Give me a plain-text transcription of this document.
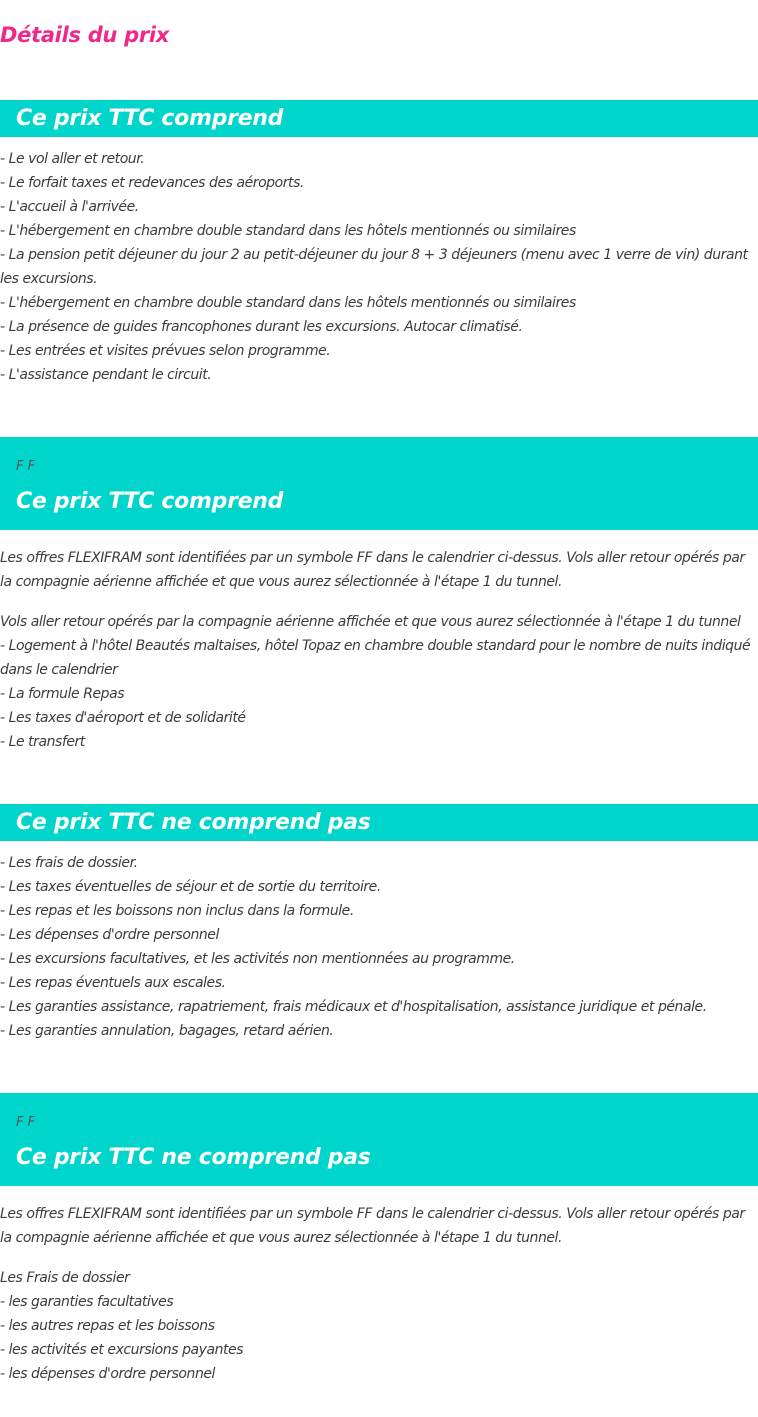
Détails du prix
Ce prix TTC comprend
- Le vol aller et retour.
- Le forfait taxes et redevances des aéroports.
- L'accueil à l'arrivée.
- L'hébergement en chambre double standard dans les hôtels mentionnés ou similaires
- La pension petit déjeuner du jour 2 au petit-déjeuner du jour 8 + 3 déjeuners (menu avec 1 verre de vin) durant les excursions.
- L'hébergement en chambre double standard dans les hôtels mentionnés ou similaires
- La présence de guides francophones durant les excursions. Autocar climatisé.
- Les entrées et visites prévues selon programme.
- L'assistance pendant le circuit.
F F
Ce prix TTC comprend

Les offres FLEXIFRAM sont identifiées par un symbole FF dans le calendrier ci-dessus. Vols aller retour opérés par la compagnie aérienne affichée et que vous aurez sélectionnée à l'étape 1 du tunnel.

Vols aller retour opérés par la compagnie aérienne affichée et que vous aurez sélectionnée à l'étape 1 du tunnel
- Logement à l'hôtel Beautés maltaises, hôtel Topaz en chambre double standard pour le nombre de nuits indiqué dans le calendrier
- La formule Repas
- Les taxes d'aéroport et de solidarité
- Le transfert
Ce prix TTC ne comprend pas
- Les frais de dossier.
- Les taxes éventuelles de séjour et de sortie du territoire.
- Les repas et les boissons non inclus dans la formule.
- Les dépenses d'ordre personnel
- Les excursions facultatives, et les activités non mentionnées au programme.
- Les repas éventuels aux escales.
- Les garanties assistance, rapatriement, frais médicaux et d'hospitalisation, assistance juridique et pénale.
- Les garanties annulation, bagages, retard aérien.
F F
Ce prix TTC ne comprend pas

Les offres FLEXIFRAM sont identifiées par un symbole FF dans le calendrier ci-dessus. Vols aller retour opérés par la compagnie aérienne affichée et que vous aurez sélectionnée à l'étape 1 du tunnel.

Les Frais de dossier
- les garanties facultatives
- les autres repas et les boissons
- les activités et excursions payantes
- les dépenses d'ordre personnel
